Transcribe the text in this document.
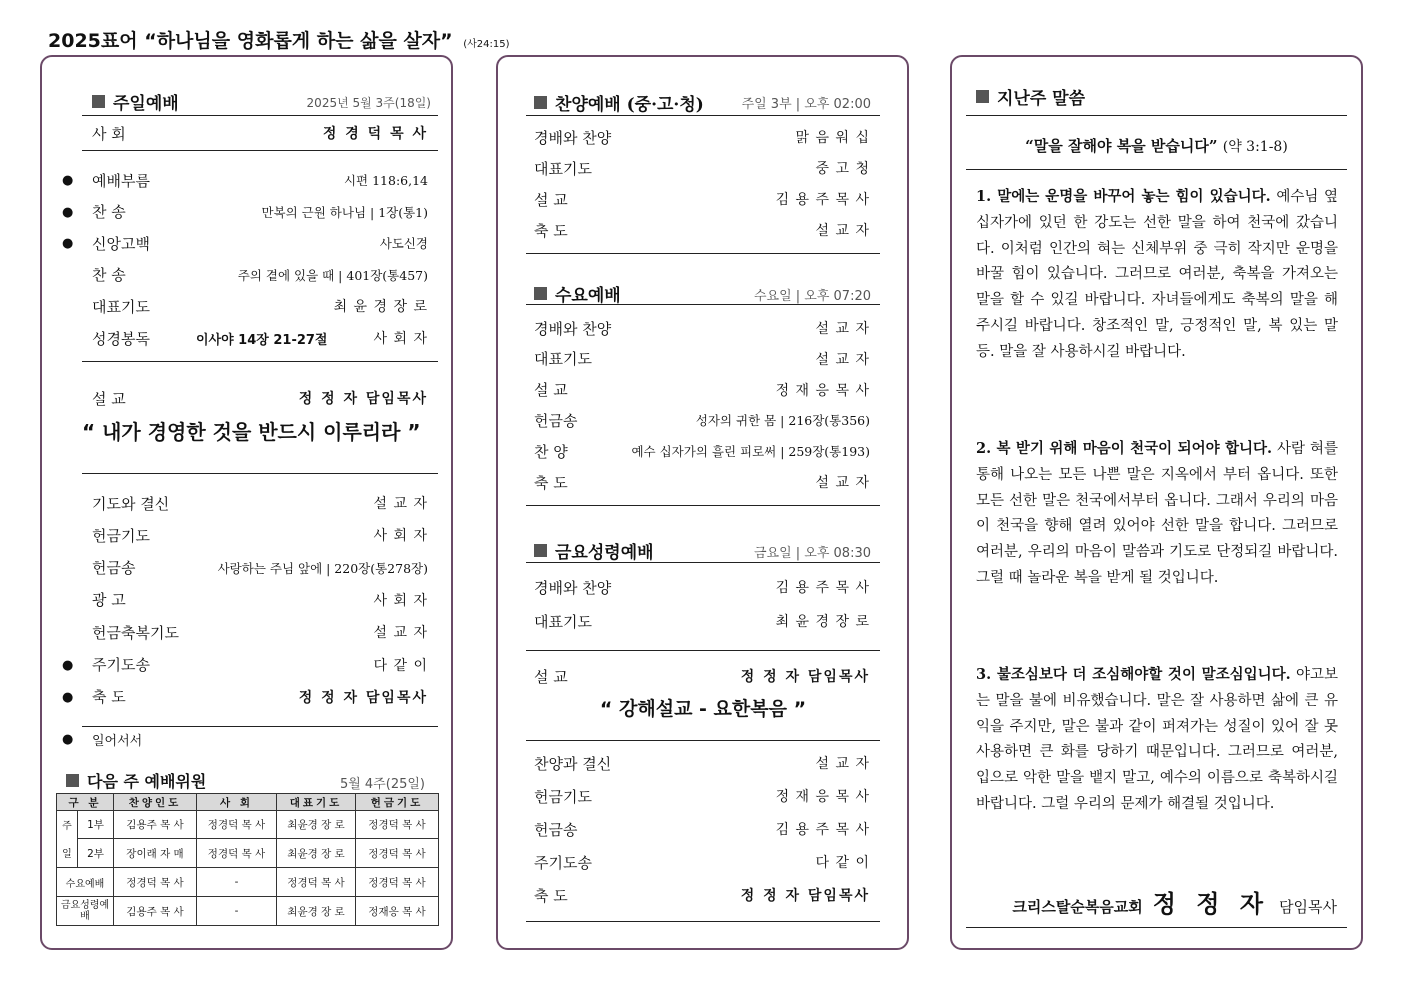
2025표어 “하나님을 영화롭게 하는 삶을 살자” (사24:15)
주일예배	2025년 5월 3주(18일)
사 회	정 경 덕 목 사
● 예배부름	시편 118:6,14
● 찬 송	만복의 근원 하나님 | 1장(통1)
● 신앙고백	사도신경
찬 송	주의 곁에 있을 때 | 401장(통457)
대표기도	최 윤 경 장 로
성경봉독	이사야 14장 21-27절	사 회 자
설 교	정 정 자 담임목사
“ 내가 경영한 것을 반드시 이루리라 ”
기도와 결신	설 교 자
헌금기도	사 회 자
헌금송	사랑하는 주님 앞에 | 220장(통278장)
광 고	사 회 자
헌금축복기도	설 교 자
● 주기도송	다 같 이
● 축 도	정 정 자 담임목사
● 일어서서
다음 주 예배위원	5월 4주(25일)
구 분		찬양인도	사 회	대표기도	헌금기도
주	1부	김용주 목 사	정경덕 목 사	최윤경 장 로	정경덕 목 사
일	2부	장이래 자 매	정경덕 목 사	최윤경 장 로	정경덕 목 사
수요예배		정경덕 목 사	-	정경덕 목 사	정경덕 목 사
금요성령예배		김용주 목 사	-	최윤경 장 로	정재응 목 사
찬양예배 (중·고·청)	주일 3부 | 오후 02:00
경배와 찬양	맑 음 워 십
대표기도	중 고 청
설 교	김 용 주 목 사
축 도	설 교 자
수요예배	수요일 | 오후 07:20
경배와 찬양	설 교 자
대표기도	설 교 자
설 교	정 재 응 목 사
헌금송	성자의 귀한 몸 | 216장(통356)
찬 양	예수 십자가의 흘린 피로써 | 259장(통193)
축 도	설 교 자
금요성령예배	금요일 | 오후 08:30
경배와 찬양	김 용 주 목 사
대표기도	최 윤 경 장 로
설 교	정 정 자 담임목사
“ 강해설교 - 요한복음 ”
찬양과 결신	설 교 자
헌금기도	정 재 응 목 사
헌금송	김 용 주 목 사
주기도송	다 같 이
축 도	정 정 자 담임목사
지난주 말씀
“말을 잘해야 복을 받습니다” (약 3:1-8)
1. 말에는 운명을 바꾸어 놓는 힘이 있습니다. 예수님 옆 십자가에 있던 한 강도는 선한 말을 하여 천국에 갔습니다. 이처럼 인간의 혀는 신체부위 중 극히 작지만 운명을 바꿀 힘이 있습니다. 그러므로 여러분, 축복을 가져오는 말을 할 수 있길 바랍니다. 자녀들에게도 축복의 말을 해주시길 바랍니다. 창조적인 말, 긍정적인 말, 복 있는 말 등. 말을 잘 사용하시길 바랍니다.
2. 복 받기 위해 마음이 천국이 되어야 합니다. 사람 혀를 통해 나오는 모든 나쁜 말은 지옥에서 부터 옵니다. 또한 모든 선한 말은 천국에서부터 옵니다. 그래서 우리의 마음이 천국을 향해 열려 있어야 선한 말을 합니다. 그러므로 여러분, 우리의 마음이 말씀과 기도로 단정되길 바랍니다. 그럴 때 놀라운 복을 받게 될 것입니다.
3. 불조심보다 더 조심해야할 것이 말조심입니다. 야고보는 말을 불에 비유했습니다. 말은 잘 사용하면 삶에 큰 유익을 주지만, 말은 불과 같이 퍼져가는 성질이 있어 잘 못 사용하면 큰 화를 당하기 때문입니다. 그러므로 여러분, 입으로 악한 말을 뱉지 말고, 예수의 이름으로 축복하시길 바랍니다. 그럴 우리의 문제가 해결될 것입니다.
크리스탈순복음교회 정 정 자 담임목사
